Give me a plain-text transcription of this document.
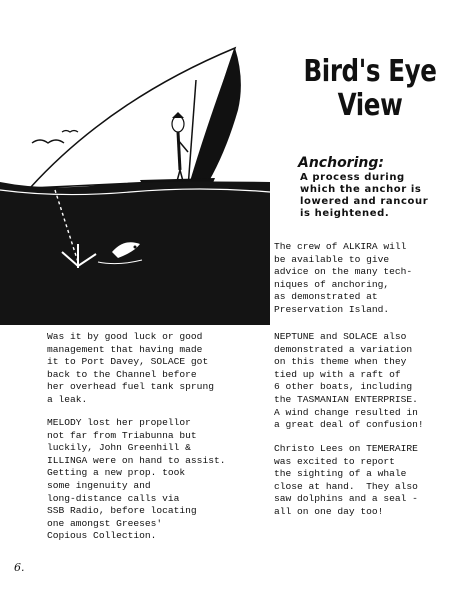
Bird's Eye
View
Anchoring:
A process during
which the anchor is
lowered and rancour
is heightened.

The crew of ALKIRA will
be available to give
advice on the many tech-
niques of anchoring,
as demonstrated at
Preservation Island.

NEPTUNE and SOLACE also
demonstrated a variation
on this theme when they
tied up with a raft of
6 other boats, including
the TASMANIAN ENTERPRISE.
A wind change resulted in
a great deal of confusion!

Christo Lees on TEMERAIRE
was excited to report
the sighting of a whale
close at hand.  They also
saw dolphins and a seal -
all on one day too!

Was it by good luck or good
management that having made
it to Port Davey, SOLACE got
back to the Channel before
her overhead fuel tank sprung
a leak.

MELODY lost her propellor
not far from Triabunna but
luckily, John Greenhill &
ILLINGA were on hand to assist.
Getting a new prop. took
some ingenuity and
long-distance calls via
SSB Radio, before locating
one amongst Greeses'
Copious Collection.

6.
